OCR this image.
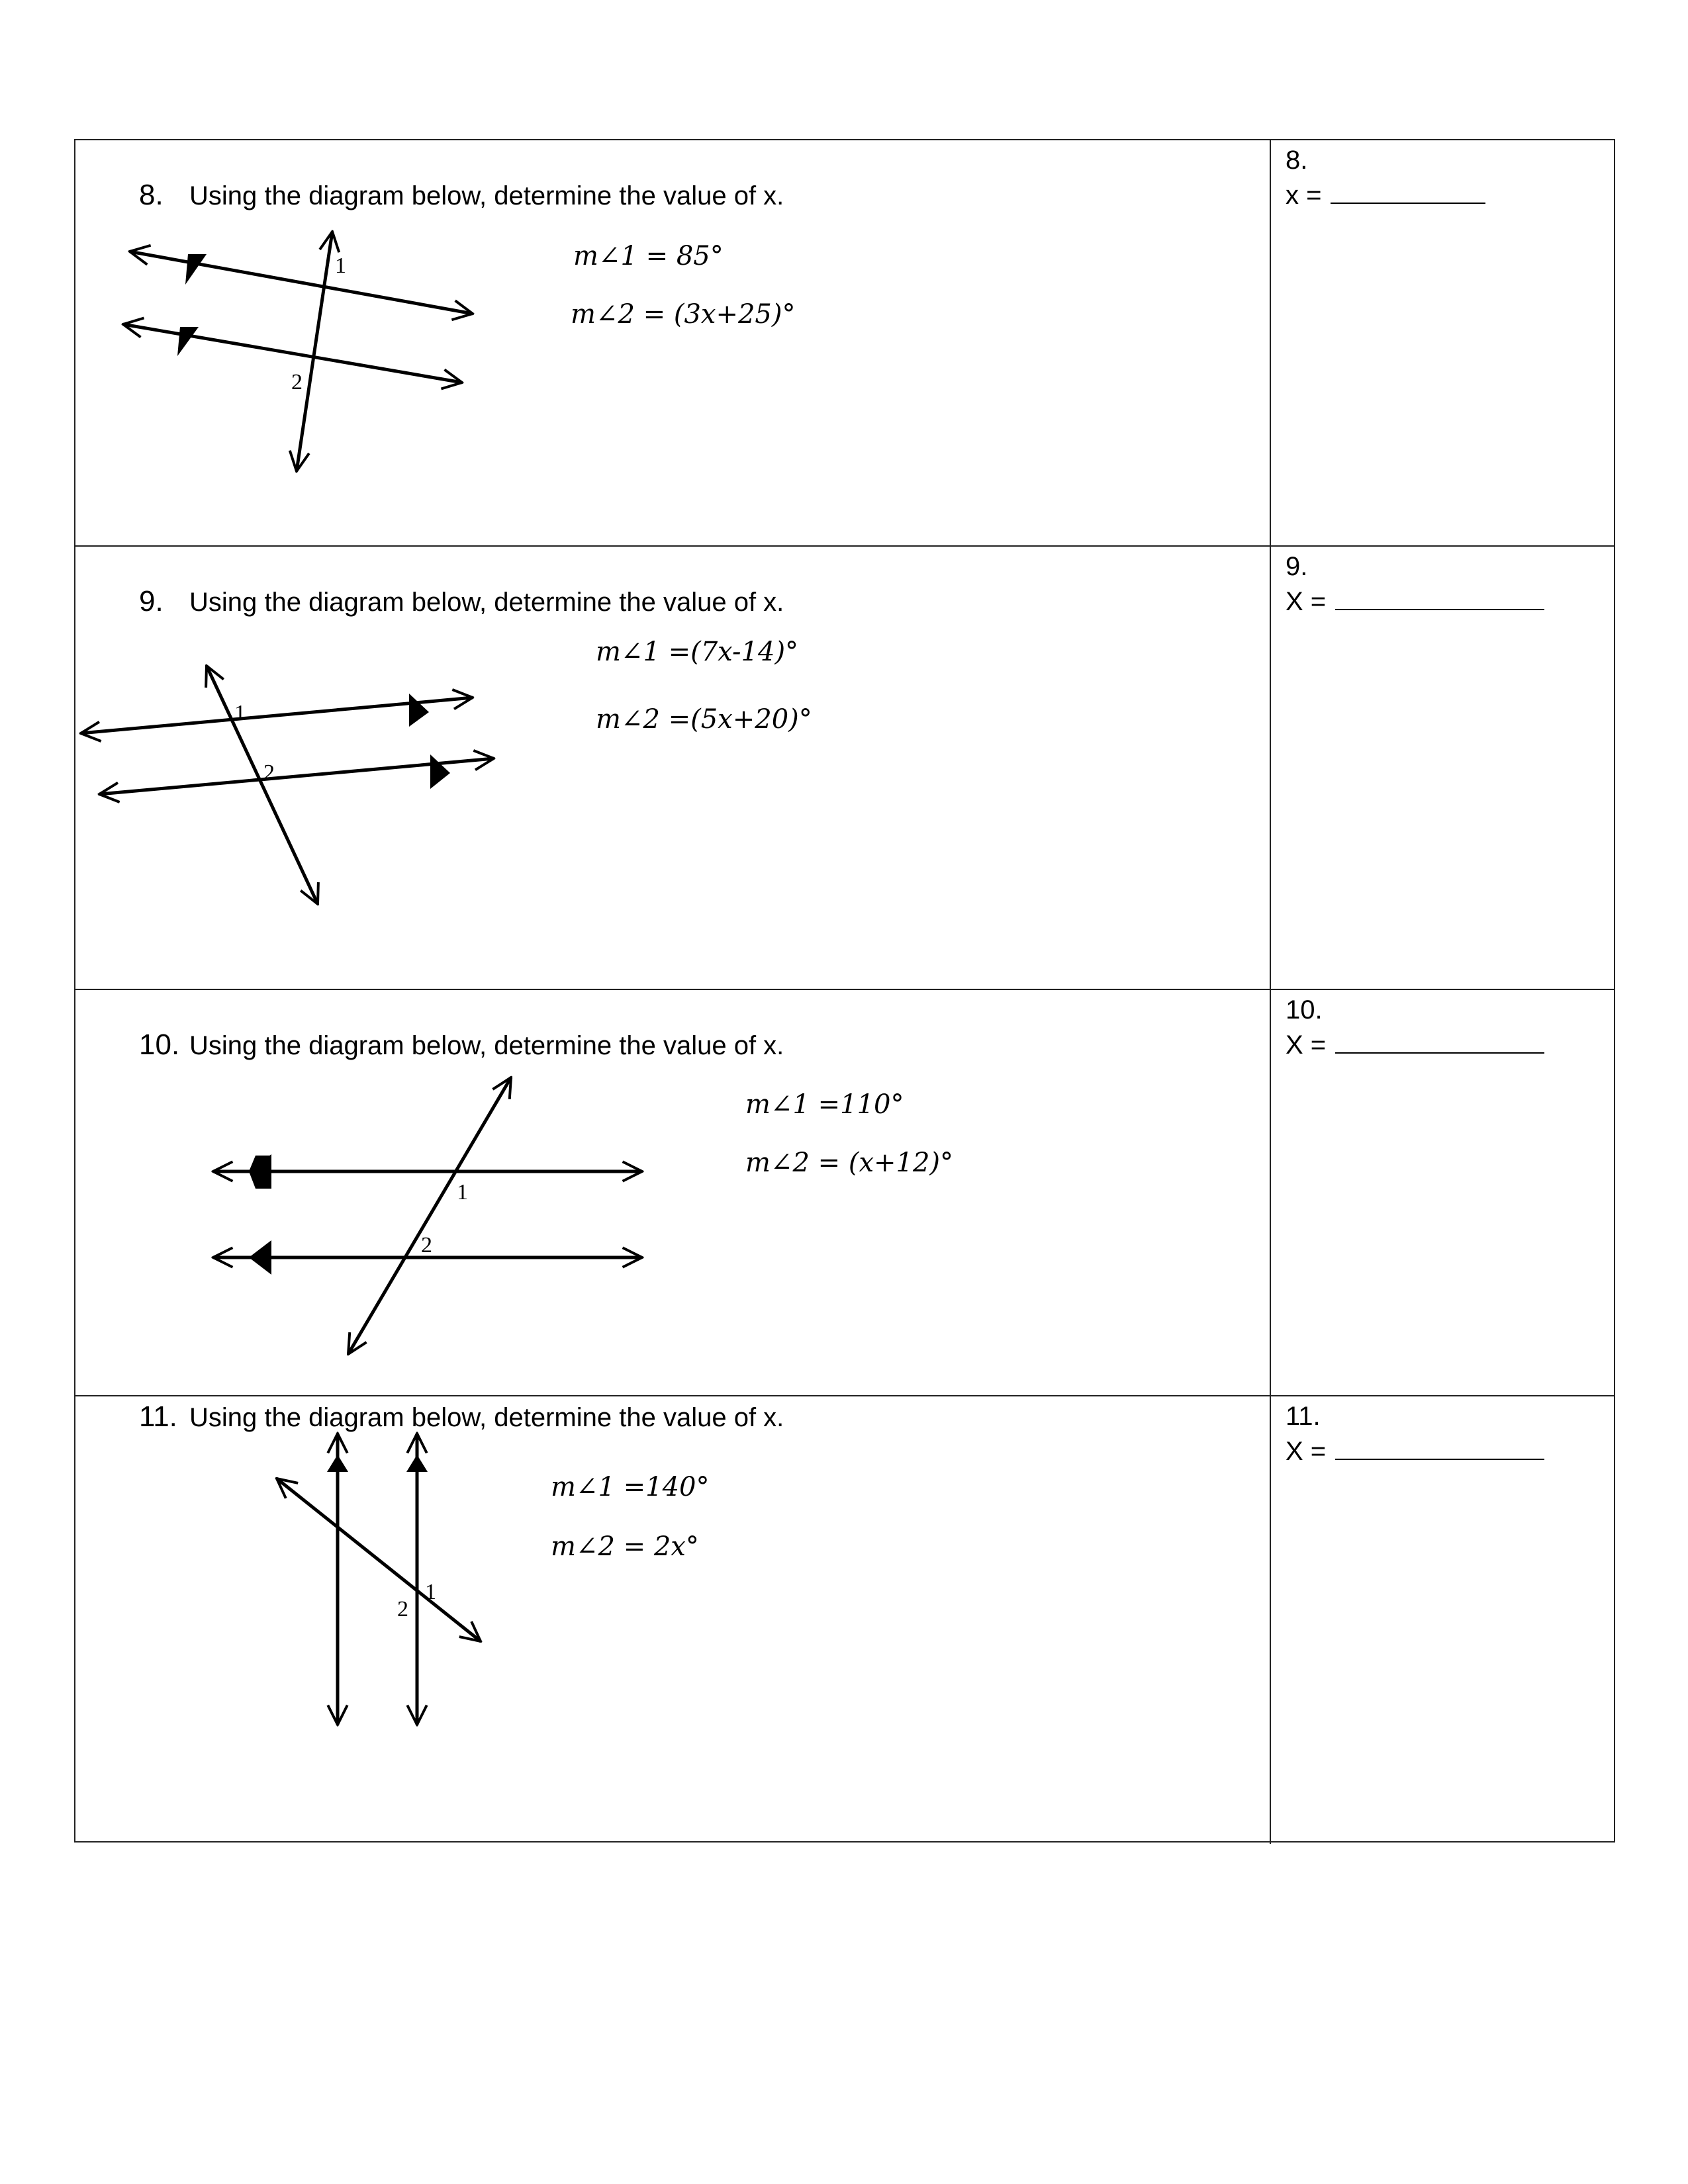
8. Using the diagram below, determine the value of x.
1
2
m∠1 = 85°
m∠2 = (3x+25)°
8.
x =
9. Using the diagram below, determine the value of x.
1
2
m∠1 =(7x-14)°
m∠2 =(5x+20)°
9.
X =
10. Using the diagram below, determine the value of x.
1
2
m∠1 =110°
m∠2 = (x+12)°
10.
X =
11. Using the diagram below, determine the value of x.
1
2
m∠1 =140°
m∠2 = 2x°
11.
X =
